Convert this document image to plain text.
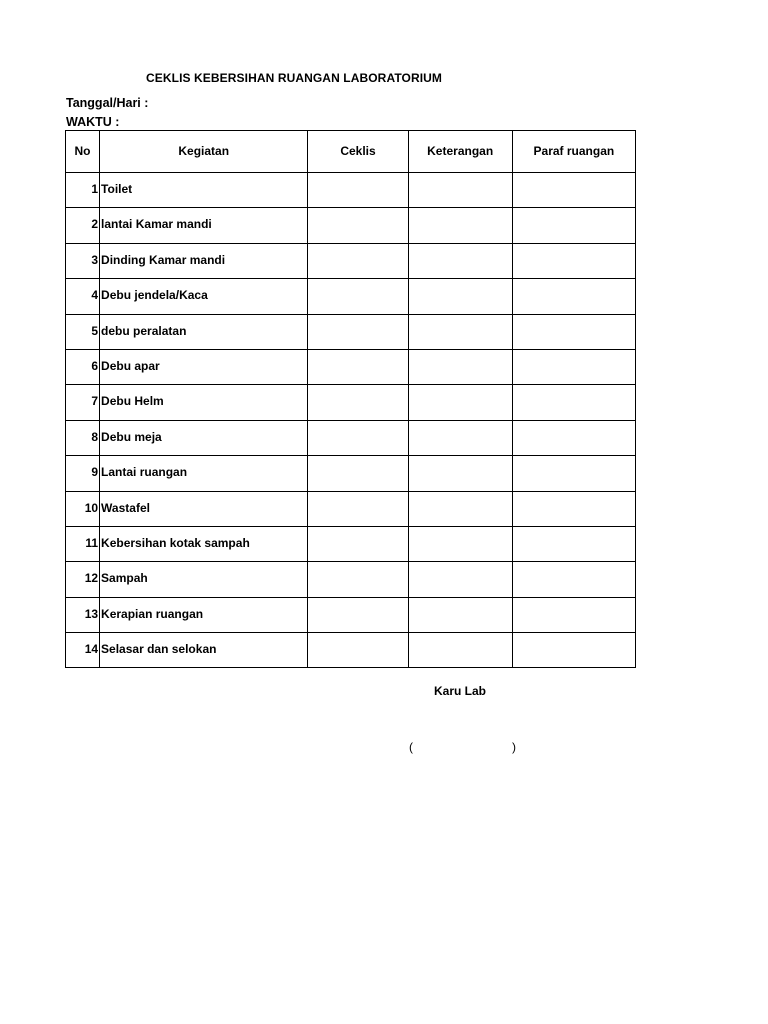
CEKLIS KEBERSIHAN RUANGAN LABORATORIUM
Tanggal/Hari :
WAKTU :
No	Kegiatan	Ceklis	Keterangan	Paraf ruangan
1	Toilet			
2	lantai Kamar mandi			
3	Dinding Kamar mandi			
4	Debu jendela/Kaca			
5	debu peralatan			
6	Debu apar			
7	Debu Helm			
8	Debu meja			
9	Lantai ruangan			
10	Wastafel			
11	Kebersihan kotak sampah			
12	Sampah			
13	Kerapian ruangan			
14	Selasar dan selokan			
Karu Lab
(	)
